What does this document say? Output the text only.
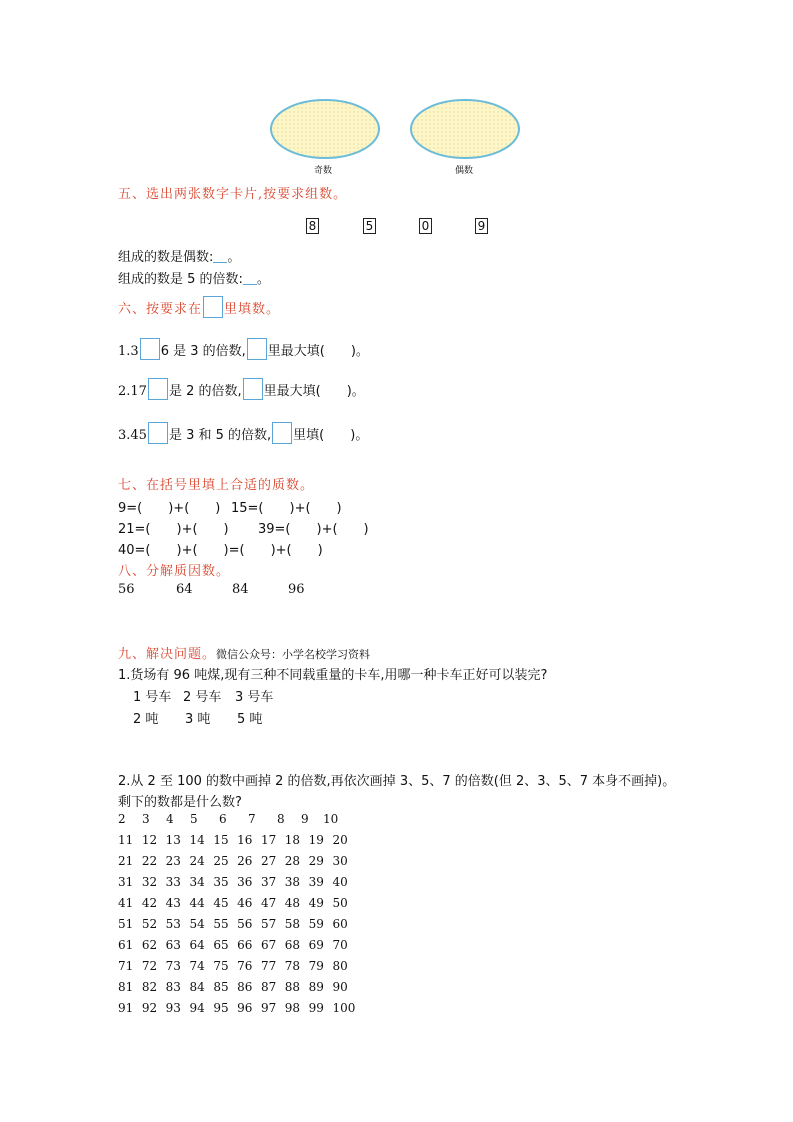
奇数	偶数
五、选出两张数字卡片,按要求组数。
8	5	0	9
组成的数是偶数: 。
组成的数是 5 的倍数: 。
六、按要求在 里填数。
1.3 6 是 3 的倍数, 里最大填(　　)。
2.17 是 2 的倍数, 里最大填(　　)。
3.45 是 3 和 5 的倍数, 里填(　　)。
七、在括号里填上合适的质数。
9=(　　)+(　　) 15=(　　)+(　　)
21=(　　)+(　　) 39=(　　)+(　　)
40=(　　)+(　　)=(　　)+(　　)
八、分解质因数。
56	64	84	96
九、解决问题。微信公众号：小学名校学习资料
1.货场有 96 吨煤,现有三种不同载重量的卡车,用哪一种卡车正好可以装完?
1 号车 2 号车 3 号车
2 吨 3 吨 5 吨
2.从 2 至 100 的数中画掉 2 的倍数,再依次画掉 3、5、7 的倍数(但 2、3、5、7 本身不画掉)。
剩下的数都是什么数?
2 3 4 5 6 7 8 9 10
11 12 13 14 15 16 17 18 19 20
21 22 23 24 25 26 27 28 29 30
31 32 33 34 35 36 37 38 39 40
41 42 43 44 45 46 47 48 49 50
51 52 53 54 55 56 57 58 59 60
61 62 63 64 65 66 67 68 69 70
71 72 73 74 75 76 77 78 79 80
81 82 83 84 85 86 87 88 89 90
91 92 93 94 95 96 97 98 99 100
